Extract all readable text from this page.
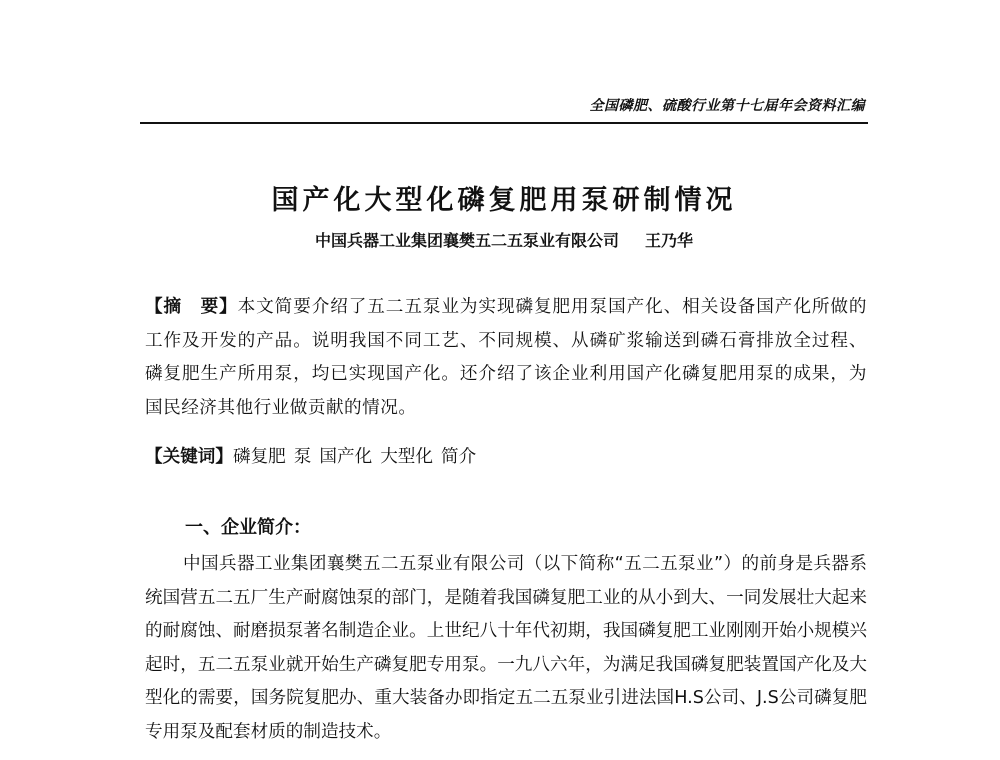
全国磷肥、硫酸行业第十七届年会资料汇编
国产化大型化磷复肥用泵研制情况
中国兵器工业集团襄樊五二五泵业有限公司 王乃华
【摘　要】本文简要介绍了五二五泵业为实现磷复肥用泵国产化、相关设备国产化所做的工作及开发的产品。说明我国不同工艺、不同规模、从磷矿浆输送到磷石膏排放全过程、磷复肥生产所用泵，均已实现国产化。还介绍了该企业利用国产化磷复肥用泵的成果，为国民经济其他行业做贡献的情况。
【关键词】磷复肥 泵 国产化 大型化 简介
一、企业简介：
中国兵器工业集团襄樊五二五泵业有限公司（以下简称“五二五泵业”）的前身是兵器系统国营五二五厂生产耐腐蚀泵的部门，是随着我国磷复肥工业的从小到大、一同发展壮大起来的耐腐蚀、耐磨损泵著名制造企业。上世纪八十年代初期，我国磷复肥工业刚刚开始小规模兴起时，五二五泵业就开始生产磷复肥专用泵。一九八六年，为满足我国磷复肥装置国产化及大型化的需要，国务院复肥办、重大装备办即指定五二五泵业引进法国H.S公司、J.S公司磷复肥专用泵及配套材质的制造技术。
